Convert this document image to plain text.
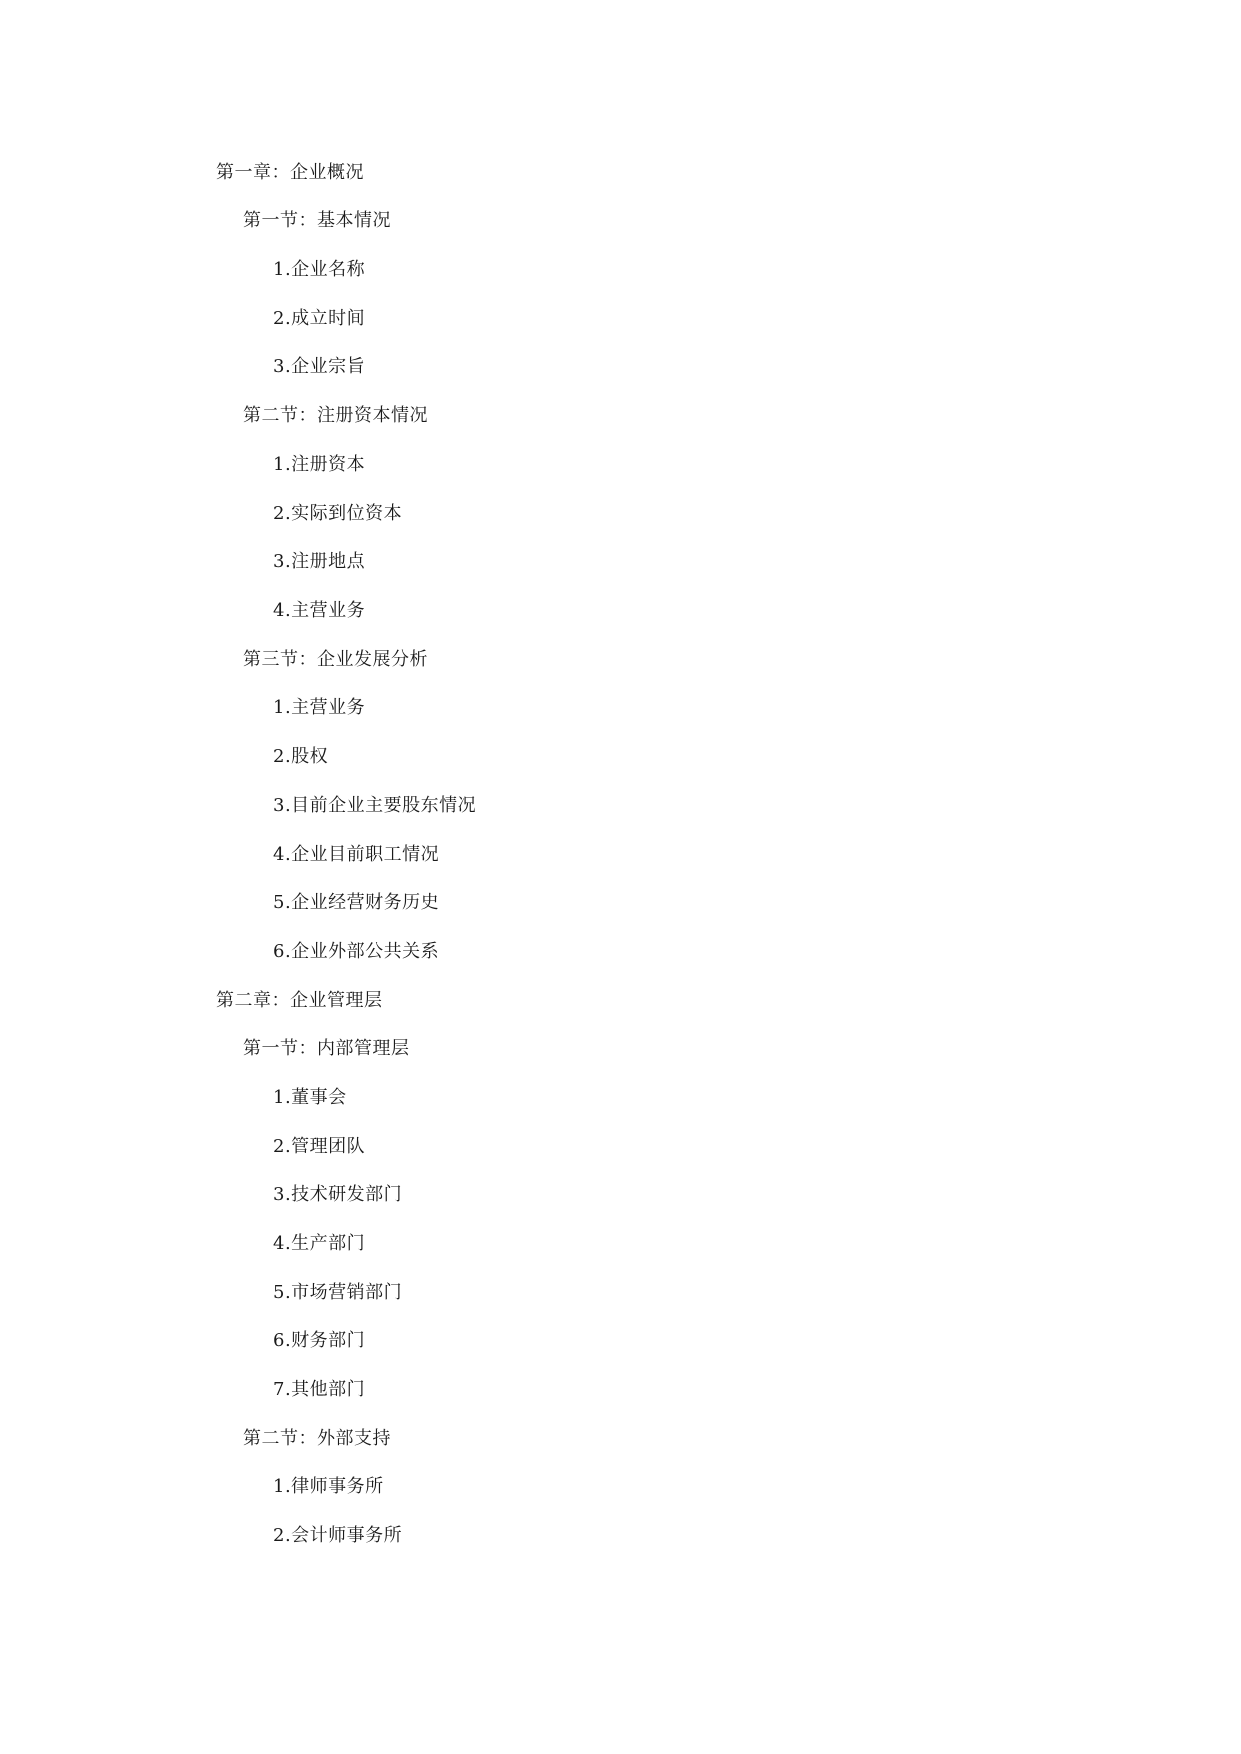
第一章：企业概况
第一节：基本情况
1.企业名称
2.成立时间
3.企业宗旨
第二节：注册资本情况
1.注册资本
2.实际到位资本
3.注册地点
4.主营业务
第三节：企业发展分析
1.主营业务
2.股权
3.目前企业主要股东情况
4.企业目前职工情况
5.企业经营财务历史
6.企业外部公共关系
第二章：企业管理层
第一节：内部管理层
1.董事会
2.管理团队
3.技术研发部门
4.生产部门
5.市场营销部门
6.财务部门
7.其他部门
第二节：外部支持
1.律师事务所
2.会计师事务所
